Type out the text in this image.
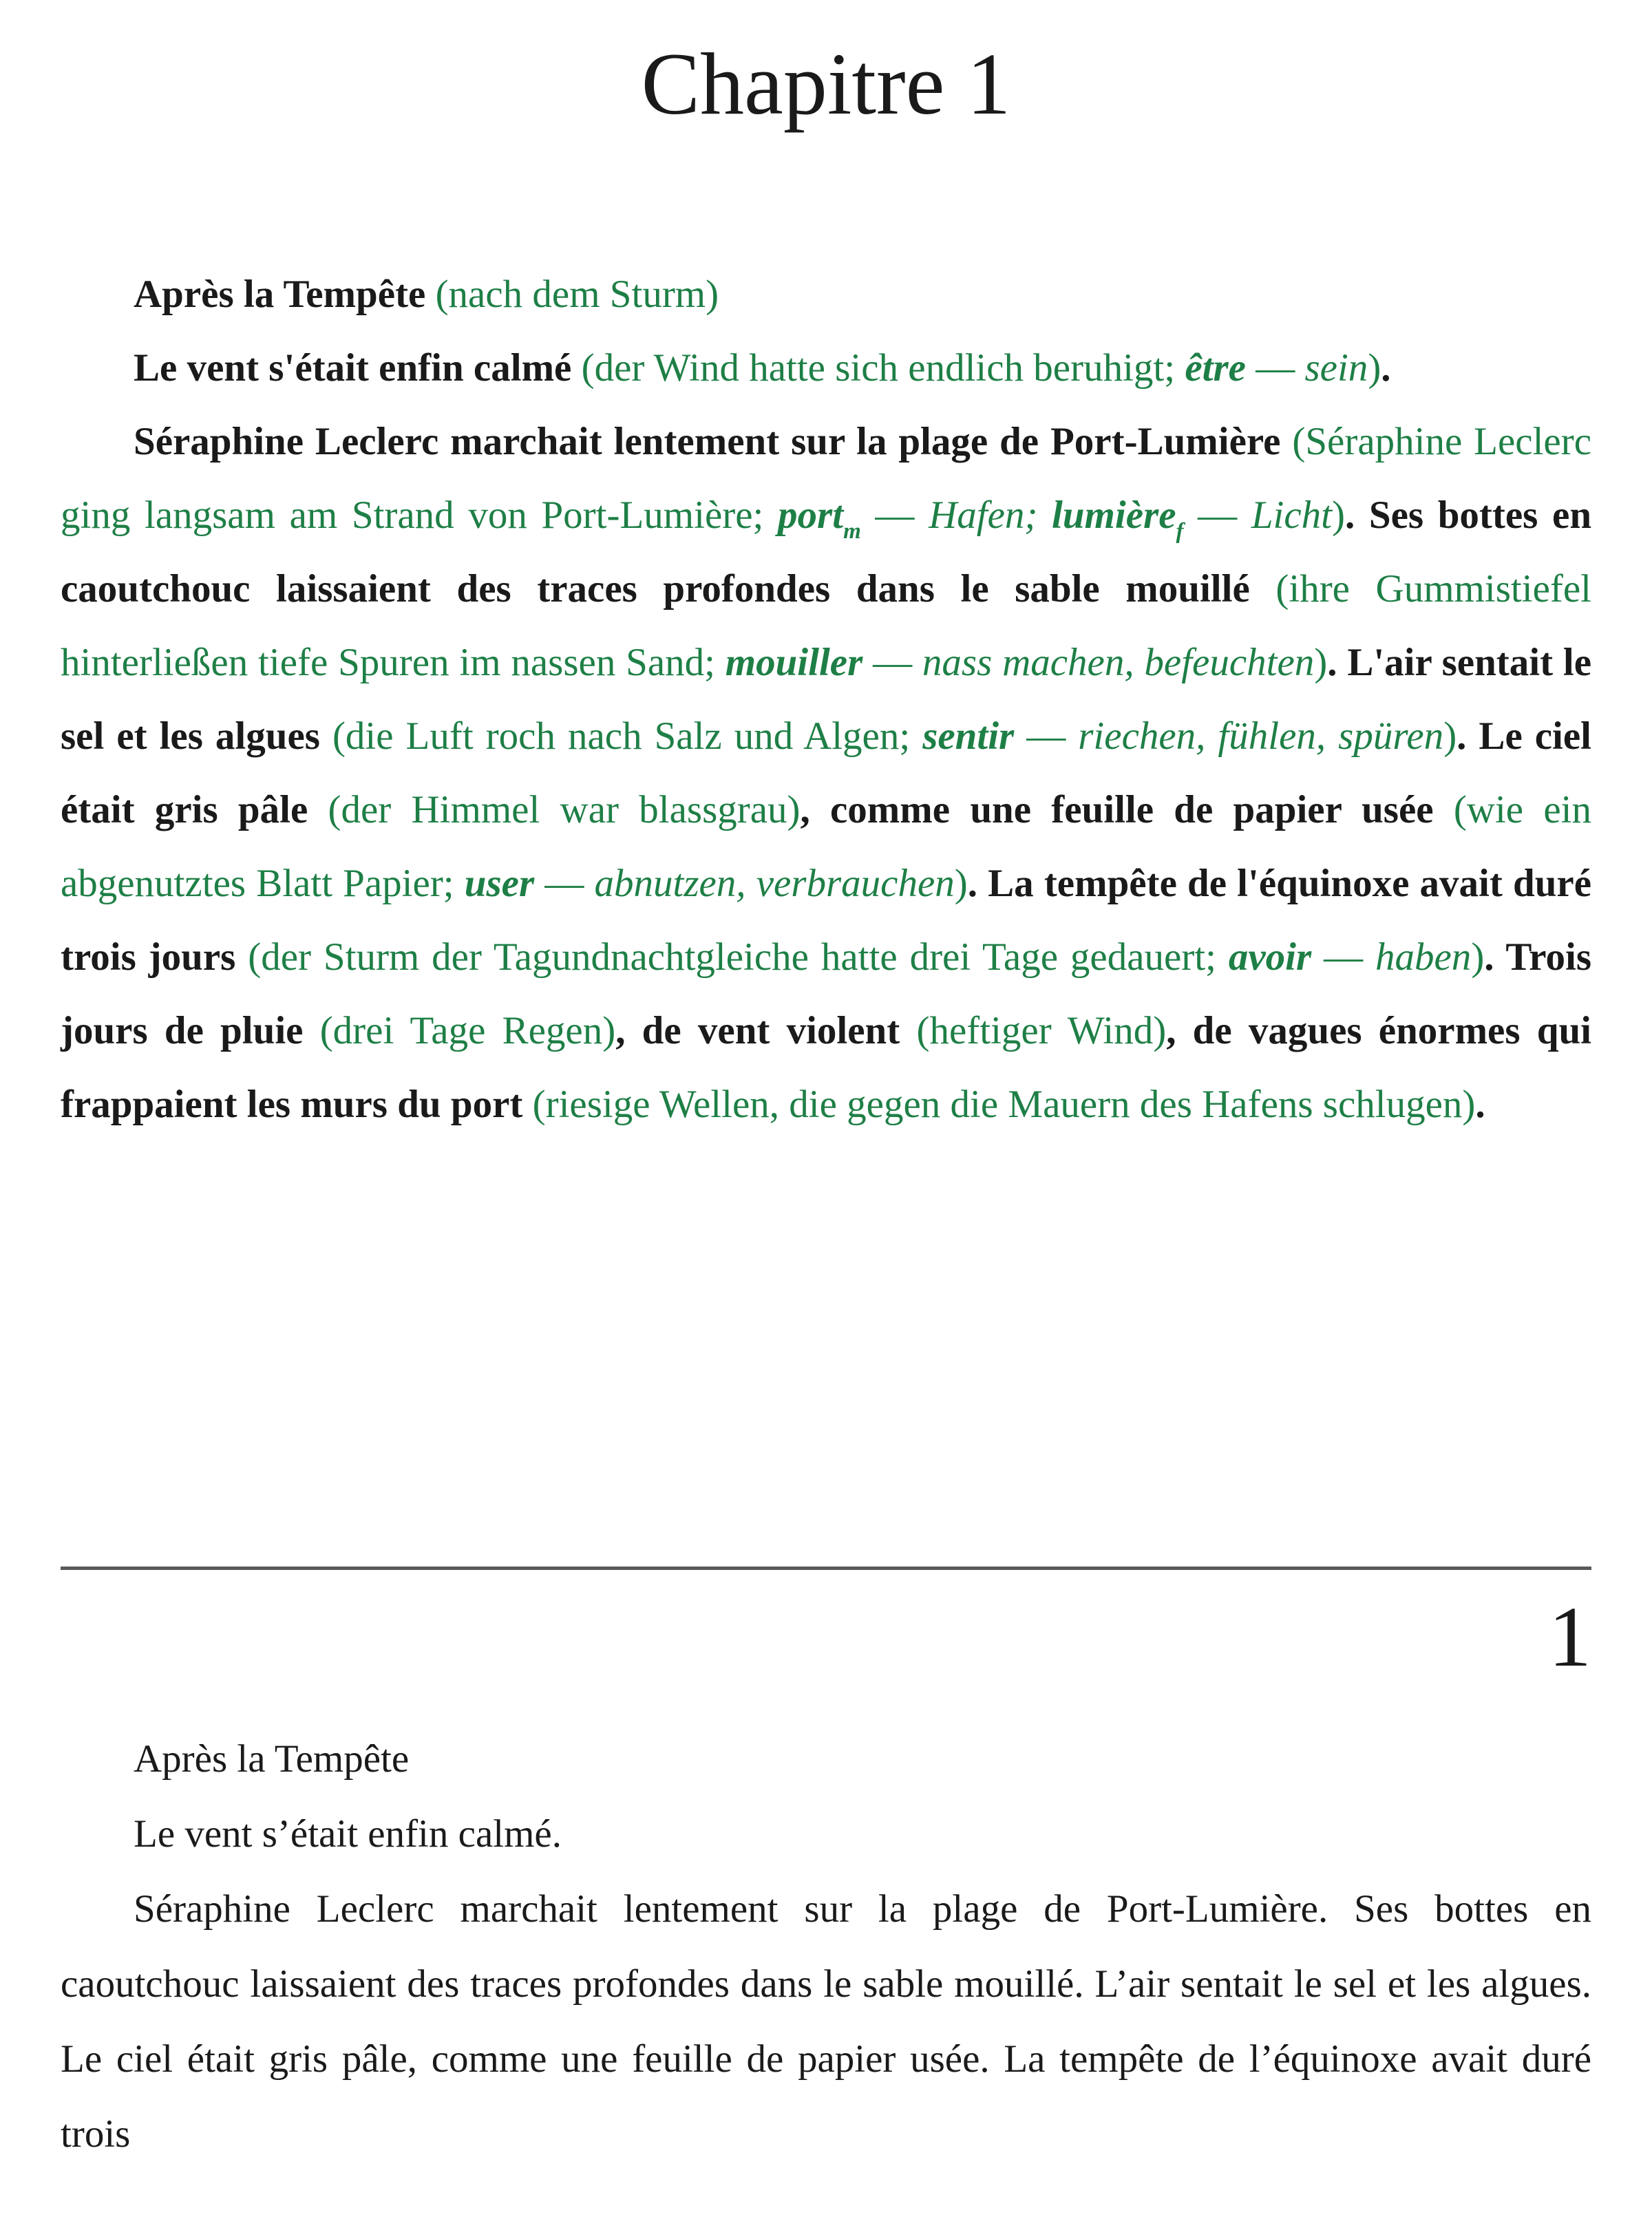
Chapitre 1

Après la Tempête (nach dem Sturm)

Le vent s'était enfin calmé (der Wind hatte sich endlich beruhigt; être — sein).

Séraphine Leclerc marchait lentement sur la plage de Port-Lumière (Séraphine Leclerc ging langsam am Strand von Port-Lumière; port$_m$ — Hafen; lumière$_f$ — Licht). Ses bottes en caoutchouc laissaient des traces profondes dans le sable mouillé (ihre Gummistiefel hinterließen tiefe Spuren im nassen Sand; mouiller — nass machen, befeuchten). L'air sentait le sel et les algues (die Luft roch nach Salz und Algen; sentir — riechen, fühlen, spüren). Le ciel était gris pâle (der Himmel war blassgrau), comme une feuille de papier usée (wie ein abgenutztes Blatt Papier; user — abnutzen, verbrauchen). La tempête de l'équinoxe avait duré trois jours (der Sturm der Tagundnachtgleiche hatte drei Tage gedauert; avoir — haben). Trois jours de pluie (drei Tage Regen), de vent violent (heftiger Wind), de vagues énormes qui frappaient les murs du port (riesige Wellen, die gegen die Mauern des Hafens schlugen).

1

Après la Tempête

Le vent s’était enfin calmé.

Séraphine Leclerc marchait lentement sur la plage de Port-Lumière. Ses bottes en caoutchouc laissaient des traces profondes dans le sable mouillé. L’air sentait le sel et les algues. Le ciel était gris pâle, comme une feuille de papier usée. La tempête de l’équinoxe avait duré trois
